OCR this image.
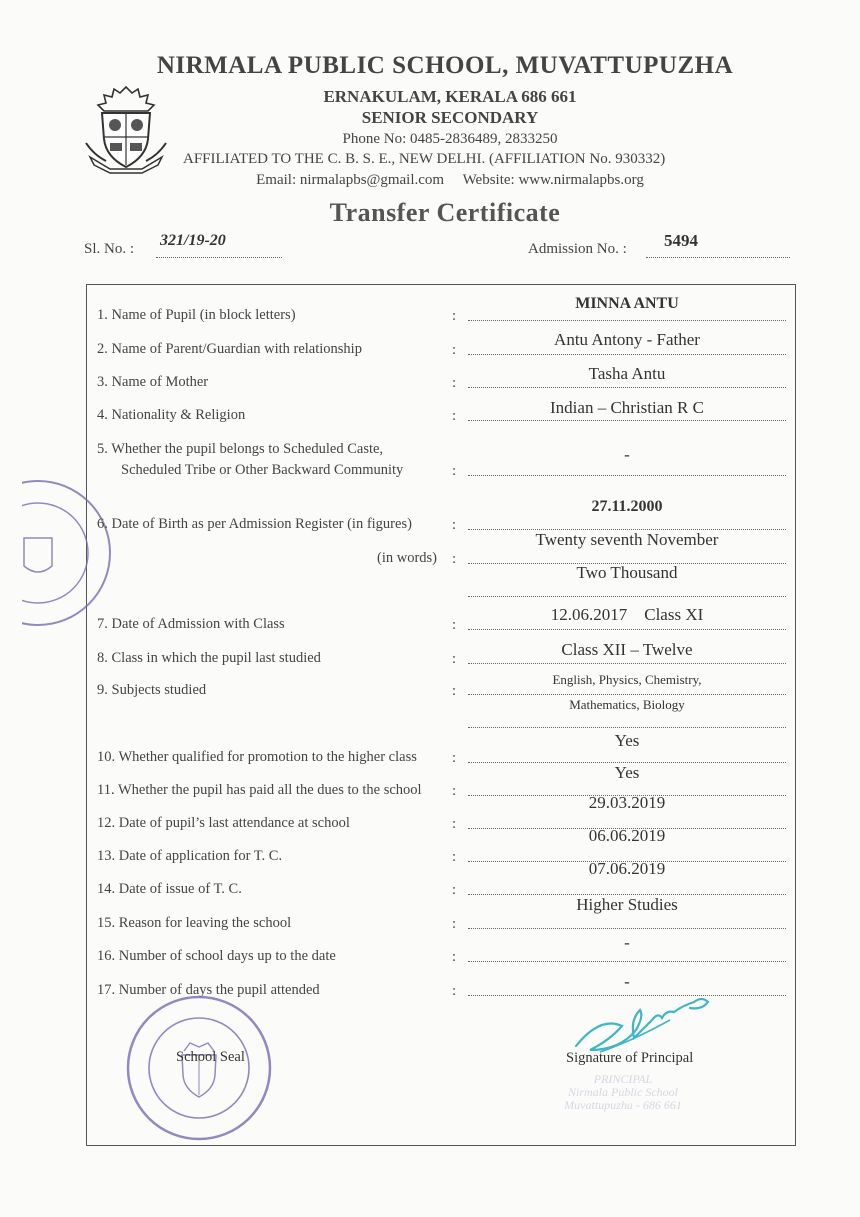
NIRMALA PUBLIC SCHOOL, MUVATTUPUZHA
ERNAKULAM, KERALA 686 661
SENIOR SECONDARY
Phone No: 0485-2836489, 2833250
AFFILIATED TO THE C. B. S. E., NEW DELHI. (AFFILIATION No. 930332)
Email: nirmalapbs@gmail.com Website: www.nirmalapbs.org
Transfer Certificate
Sl. No. : 321/19-20	Admission No. : 5494
1. Name of Pupil (in block letters)	:
MINNA ANTU
2. Name of Parent/Guardian with relationship	:
Antu Antony - Father
3. Name of Mother	:	Tasha Antu
4. Nationality & Religion	:	Indian – Christian R C
5. Whether the pupil belongs to Scheduled Caste,
Scheduled Tribe or Other Backward Community	:
-
6. Date of Birth as per Admission Register (in figures)	:
27.11.2000
(in words) :
Twenty seventh November
Two Thousand
7. Date of Admission with Class	:
12.06.2017    Class XI
8. Class in which the pupil last studied	:	Class XII – Twelve
9. Subjects studied	:
English, Physics, Chemistry,
Mathematics, Biology
10. Whether qualified for promotion to the higher class :
Yes
11. Whether the pupil has paid all the dues to the school :
Yes
12. Date of pupil’s last attendance at school	:
29.03.2019
13. Date of application for T. C.	:
06.06.2019
14. Date of issue of T. C.	:
07.06.2019
15. Reason for leaving the school	:
Higher Studies
16. Number of school days up to the date	:
-
17. Number of days the pupil attended	:	-
School Seal	Signature of Principal
PRINCIPAL
Nirmala Public School
Muvattupuzha - 686 661
